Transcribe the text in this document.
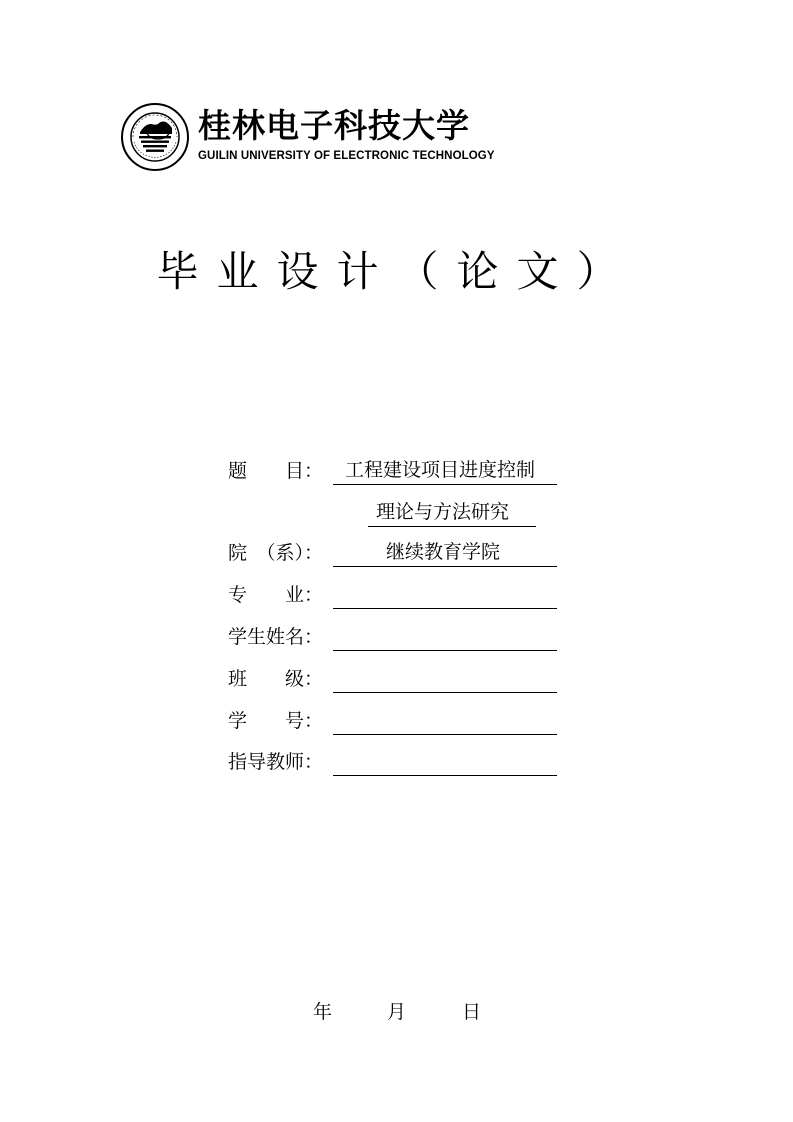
桂林电子科技大学
GUILIN UNIVERSITY OF ELECTRONIC TECHNOLOGY
毕业设计（论文）
题　　目： 工程建设项目进度控制
理论与方法研究
院　（系）：	继续教育学院
专　　业：
学生姓名：
班　　级：
学　　号：
指导教师：
年	月	日
